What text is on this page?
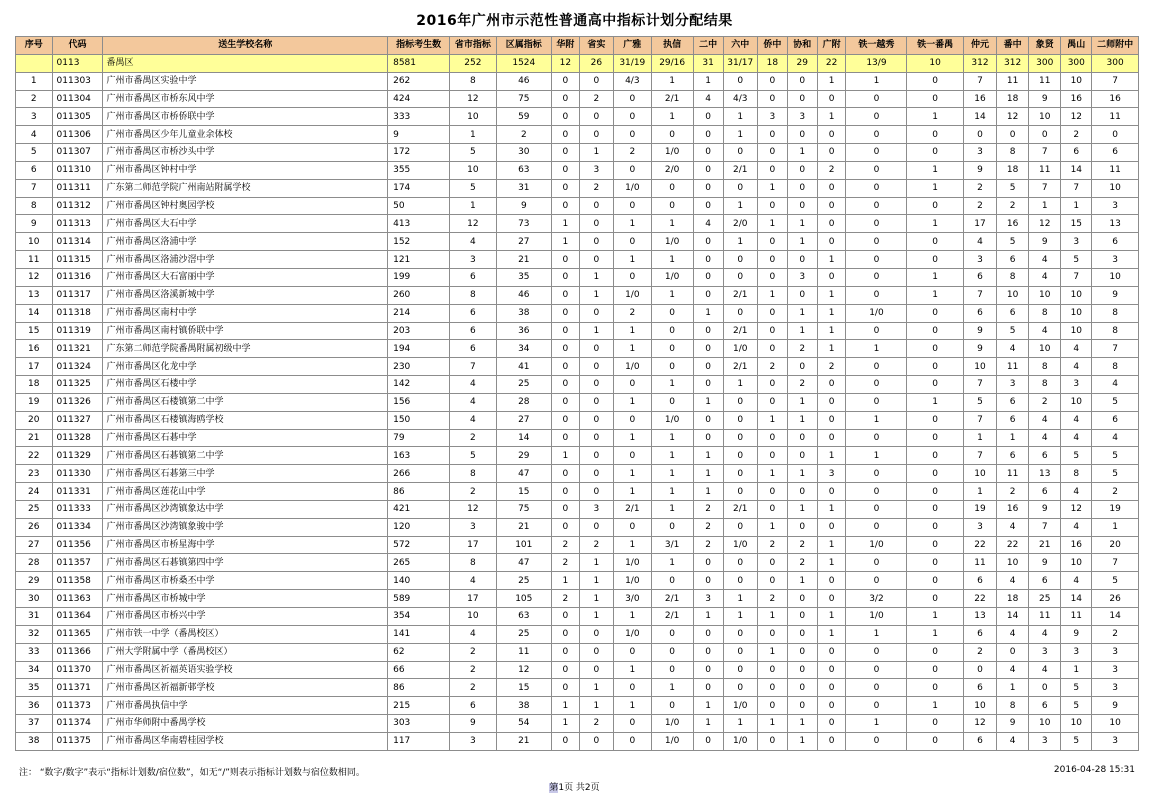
2016年广州市示范性普通高中指标计划分配结果
序号	代码	送生学校名称	指标考生数	省市指标	区属指标	华附	省实	广雅	执信	二中	六中	侨中	协和	广附	铁一越秀	铁一番禺	仲元	番中	象贤	禺山	二师附中
	0113	番禺区	8581	252	1524	12	26	31/19	29/16	31	31/17	18	29	22	13/9	10	312	312	300	300	300
1	011303	广州市番禺区实验中学	262	8	46	0	0	4/3	1	1	0	0	0	1	1	0	7	11	11	10	7
2	011304	广州市番禺区市桥东风中学	424	12	75	0	2	0	2/1	4	4/3	0	0	0	0	0	16	18	9	16	16
3	011305	广州市番禺区市桥侨联中学	333	10	59	0	0	0	1	0	1	3	3	1	0	1	14	12	10	12	11
4	011306	广州市番禺区少年儿童业余体校	9	1	2	0	0	0	0	0	1	0	0	0	0	0	0	0	0	2	0
5	011307	广州市番禺区市桥沙头中学	172	5	30	0	1	2	1/0	0	0	0	1	0	0	0	3	8	7	6	6
6	011310	广州市番禺区钟村中学	355	10	63	0	3	0	2/0	0	2/1	0	0	2	0	1	9	18	11	14	11
7	011311	广东第二师范学院广州南站附属学校	174	5	31	0	2	1/0	0	0	0	1	0	0	0	1	2	5	7	7	10
8	011312	广州市番禺区钟村奥园学校	50	1	9	0	0	0	0	0	1	0	0	0	0	0	2	2	1	1	3
9	011313	广州市番禺区大石中学	413	12	73	1	0	1	1	4	2/0	1	1	0	0	1	17	16	12	15	13
10	011314	广州市番禺区洛浦中学	152	4	27	1	0	0	1/0	0	1	0	1	0	0	0	4	5	9	3	6
11	011315	广州市番禺区洛浦沙滘中学	121	3	21	0	0	1	1	0	0	0	0	1	0	0	3	6	4	5	3
12	011316	广州市番禺区大石富丽中学	199	6	35	0	1	0	1/0	0	0	0	3	0	0	1	6	8	4	7	10
13	011317	广州市番禺区洛溪新城中学	260	8	46	0	1	1/0	1	0	2/1	1	0	1	0	1	7	10	10	10	9
14	011318	广州市番禺区南村中学	214	6	38	0	0	2	0	1	0	0	1	1	1/0	0	6	6	8	10	8
15	011319	广州市番禺区南村镇侨联中学	203	6	36	0	1	1	0	0	2/1	0	1	1	0	0	9	5	4	10	8
16	011321	广东第二师范学院番禺附属初级中学	194	6	34	0	0	1	0	0	1/0	0	2	1	1	0	9	4	10	4	7
17	011324	广州市番禺区化龙中学	230	7	41	0	0	1/0	0	0	2/1	2	0	2	0	0	10	11	8	4	8
18	011325	广州市番禺区石楼中学	142	4	25	0	0	0	1	0	1	0	2	0	0	0	7	3	8	3	4
19	011326	广州市番禺区石楼镇第二中学	156	4	28	0	0	1	0	1	0	0	1	0	0	1	5	6	2	10	5
20	011327	广州市番禺区石楼镇海鸥学校	150	4	27	0	0	0	1/0	0	0	1	1	0	1	0	7	6	4	4	6
21	011328	广州市番禺区石碁中学	79	2	14	0	0	1	1	0	0	0	0	0	0	0	1	1	4	4	4
22	011329	广州市番禺区石碁镇第二中学	163	5	29	1	0	0	1	1	0	0	0	1	1	0	7	6	6	5	5
23	011330	广州市番禺区石碁第三中学	266	8	47	0	0	1	1	1	0	1	1	3	0	0	10	11	13	8	5
24	011331	广州市番禺区莲花山中学	86	2	15	0	0	1	1	1	0	0	0	0	0	0	1	2	6	4	2
25	011333	广州市番禺区沙湾镇象达中学	421	12	75	0	3	2/1	1	2	2/1	0	1	1	0	0	19	16	9	12	19
26	011334	广州市番禺区沙湾镇象骏中学	120	3	21	0	0	0	0	2	0	1	0	0	0	0	3	4	7	4	1
27	011356	广州市番禺区市桥星海中学	572	17	101	2	2	1	3/1	2	1/0	2	2	1	1/0	0	22	22	21	16	20
28	011357	广州市番禺区石碁镇第四中学	265	8	47	2	1	1/0	1	0	0	0	2	1	0	0	11	10	9	10	7
29	011358	广州市番禺区市桥桑丕中学	140	4	25	1	1	1/0	0	0	0	0	1	0	0	0	6	4	6	4	5
30	011363	广州市番禺区市桥城中学	589	17	105	2	1	3/0	2/1	3	1	2	0	0	3/2	0	22	18	25	14	26
31	011364	广州市番禺区市桥兴中学	354	10	63	0	1	1	2/1	1	1	1	0	1	1/0	1	13	14	11	11	14
32	011365	广州市铁一中学（番禺校区）	141	4	25	0	0	1/0	0	0	0	0	0	1	1	1	6	4	4	9	2
33	011366	广州大学附属中学（番禺校区）	62	2	11	0	0	0	0	0	0	1	0	0	0	0	2	0	3	3	3
34	011370	广州市番禺区祈福英语实验学校	66	2	12	0	0	1	0	0	0	0	0	0	0	0	0	4	4	1	3
35	011371	广州市番禺区祈福新邨学校	86	2	15	0	1	0	1	0	0	0	0	0	0	0	6	1	0	5	3
36	011373	广州市番禺执信中学	215	6	38	1	1	1	0	1	1/0	0	0	0	0	1	10	8	6	5	9
37	011374	广州市华师附中番禺学校	303	9	54	1	2	0	1/0	1	1	1	1	0	1	0	12	9	10	10	10
38	011375	广州市番禺区华南碧桂园学校	117	3	21	0	0	0	1/0	0	1/0	0	1	0	0	0	6	4	3	5	3
注： “数字/数字”表示“指标计划数/宿位数”，如无“/”则表示指标计划数与宿位数相同。	2016-04-28 15:31
第1页 共2页
